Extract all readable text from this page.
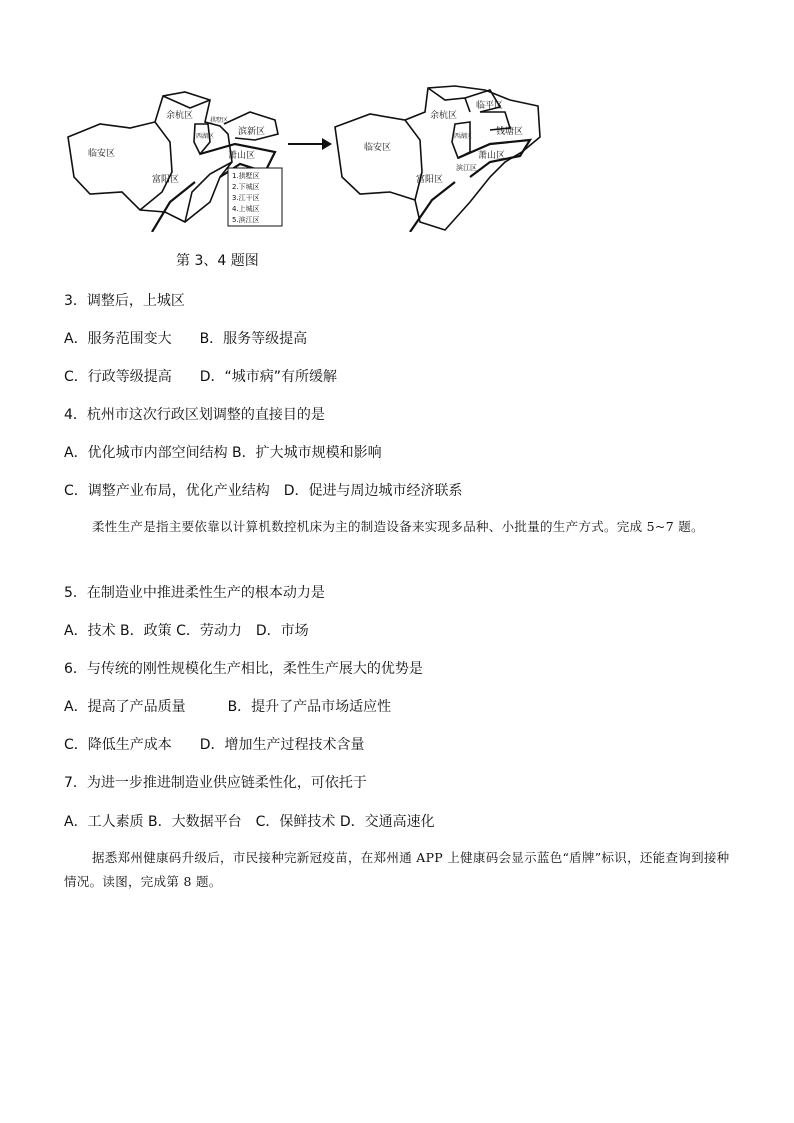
余杭区
临安区
富阳区
萧山区
滨新区
西湖区
拱墅区
1.拱墅区
2.下城区
3.江干区
4.上城区
5.滨江区
余杭区
临平区
临安区
富阳区
萧山区
钱塘区
西湖区
滨江区
第 3、4 题图
3．调整后，上城区
A．服务范围变大　　B．服务等级提高
C．行政等级提高　　D．“城市病”有所缓解
4．杭州市这次行政区划调整的直接目的是
A．优化城市内部空间结构 B．扩大城市规模和影响
C．调整产业布局，优化产业结构　D．促进与周边城市经济联系
柔性生产是指主要依靠以计算机数控机床为主的制造设备来实现多品种、小批量的生产方式。完成 5~7 题。
5．在制造业中推进柔性生产的根本动力是
A．技术 B．政策 C．劳动力　D．市场
6．与传统的刚性规模化生产相比，柔性生产展大的优势是
A．提高了产品质量　　　B．提升了产品市场适应性
C．降低生产成本　　D．增加生产过程技术含量
7．为进一步推进制造业供应链柔性化，可依托于
A．工人素质 B．大数据平台　C．保鲜技术 D．交通高速化
据悉郑州健康码升级后，市民接种完新冠疫苗，在郑州通 APP 上健康码会显示蓝色“盾牌”标识，还能查询到接种情况。读图，完成第 8 题。
